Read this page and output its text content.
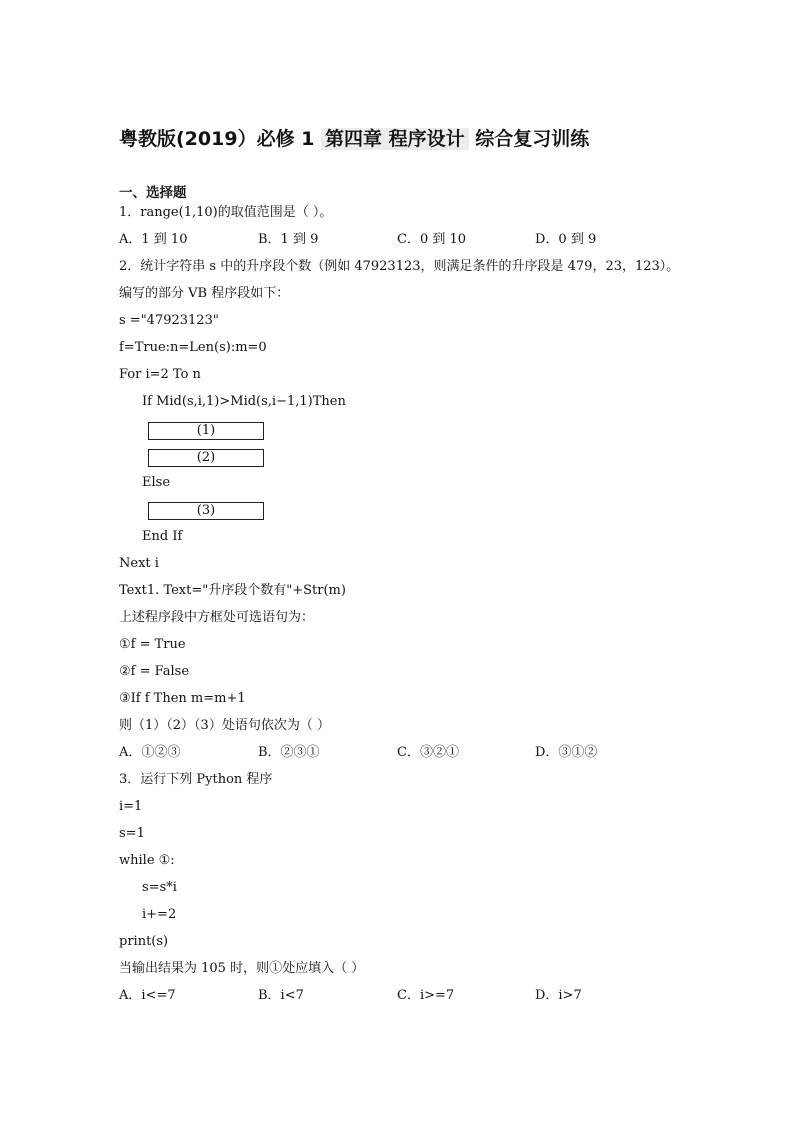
粤教版(2019）必修 1 第四章 程序设计 综合复习训练
一、选择题
1．range(1,10)的取值范围是（ ）。
A．1 到 10	B．1 到 9	C．0 到 10	D．0 到 9
2．统计字符串 s 中的升序段个数（例如 47923123，则满足条件的升序段是 479，23，123）。
编写的部分 VB 程序段如下：
s ="47923123"
f=True:n=Len(s):m=0
For i=2 To n
If Mid(s,i,1)>Mid(s,i−1,1)Then
(1)
(2)
Else
(3)
End If
Next i
Text1. Text="升序段个数有"+Str(m)
上述程序段中方框处可选语句为：
①f = True
②f = False
③If f Then m=m+1
则（1）（2）（3）处语句依次为（ ）
A．①②③	B．②③①	C．③②①	D．③①②
3．运行下列 Python 程序
i=1
s=1
while ①:
s=s*i
i+=2
print(s)
当输出结果为 105 时，则①处应填入（ ）
A．i<=7	B．i<7	C．i>=7	D．i>7
